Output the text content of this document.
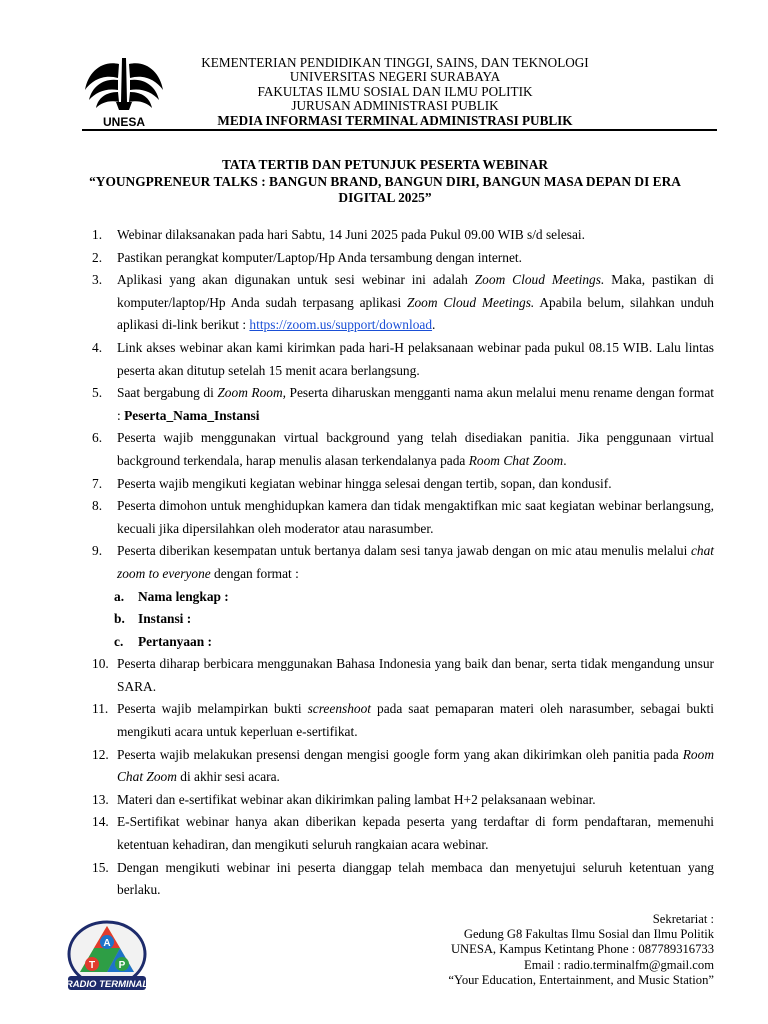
UNESA
KEMENTERIAN PENDIDIKAN TINGGI, SAINS, DAN TEKNOLOGI
UNIVERSITAS NEGERI SURABAYA
FAKULTAS ILMU SOSIAL DAN ILMU POLITIK
JURUSAN ADMINISTRASI PUBLIK
MEDIA INFORMASI TERMINAL ADMINISTRASI PUBLIK
TATA TERTIB DAN PETUNJUK PESERTA WEBINAR
“YOUNGPRENEUR TALKS : BANGUN BRAND, BANGUN DIRI, BANGUN MASA DEPAN DI ERA DIGITAL 2025”
1. Webinar dilaksanakan pada hari Sabtu, 14 Juni 2025 pada Pukul 09.00 WIB s/d selesai.
2. Pastikan perangkat komputer/Laptop/Hp Anda tersambung dengan internet.
3. Aplikasi yang akan digunakan untuk sesi webinar ini adalah Zoom Cloud Meetings. Maka, pastikan di komputer/laptop/Hp Anda sudah terpasang aplikasi Zoom Cloud Meetings. Apabila belum, silahkan unduh aplikasi di-link berikut : https://zoom.us/support/download.
4. Link akses webinar akan kami kirimkan pada hari-H pelaksanaan webinar pada pukul 08.15 WIB. Lalu lintas peserta akan ditutup setelah 15 menit acara berlangsung.
5. Saat bergabung di Zoom Room, Peserta diharuskan mengganti nama akun melalui menu rename dengan format : Peserta_Nama_Instansi
6. Peserta wajib menggunakan virtual background yang telah disediakan panitia. Jika penggunaan virtual background terkendala, harap menulis alasan terkendalanya pada Room Chat Zoom.
7. Peserta wajib mengikuti kegiatan webinar hingga selesai dengan tertib, sopan, dan kondusif.
8. Peserta dimohon untuk menghidupkan kamera dan tidak mengaktifkan mic saat kegiatan webinar berlangsung, kecuali jika dipersilahkan oleh moderator atau narasumber.
9. Peserta diberikan kesempatan untuk bertanya dalam sesi tanya jawab dengan on mic atau menulis melalui chat zoom to everyone dengan format :
a. Nama lengkap :
b. Instansi :
c. Pertanyaan :
10. Peserta diharap berbicara menggunakan Bahasa Indonesia yang baik dan benar, serta tidak mengandung unsur SARA.
11. Peserta wajib melampirkan bukti screenshoot pada saat pemaparan materi oleh narasumber, sebagai bukti mengikuti acara untuk keperluan e-sertifikat.
12. Peserta wajib melakukan presensi dengan mengisi google form yang akan dikirimkan oleh panitia pada Room Chat Zoom di akhir sesi acara.
13. Materi dan e-sertifikat webinar akan dikirimkan paling lambat H+2 pelaksanaan webinar.
14. E-Sertifikat webinar hanya akan diberikan kepada peserta yang terdaftar di form pendaftaran, memenuhi ketentuan kehadiran, dan mengikuti seluruh rangkaian acara webinar.
15. Dengan mengikuti webinar ini peserta dianggap telah membaca dan menyetujui seluruh ketentuan yang berlaku.
T
A
P
RADIO TERMINAL
Sekretariat :
Gedung G8 Fakultas Ilmu Sosial dan Ilmu Politik
UNESA, Kampus Ketintang Phone : 087789316733
Email : radio.terminalfm@gmail.com
“Your Education, Entertainment, and Music Station”
